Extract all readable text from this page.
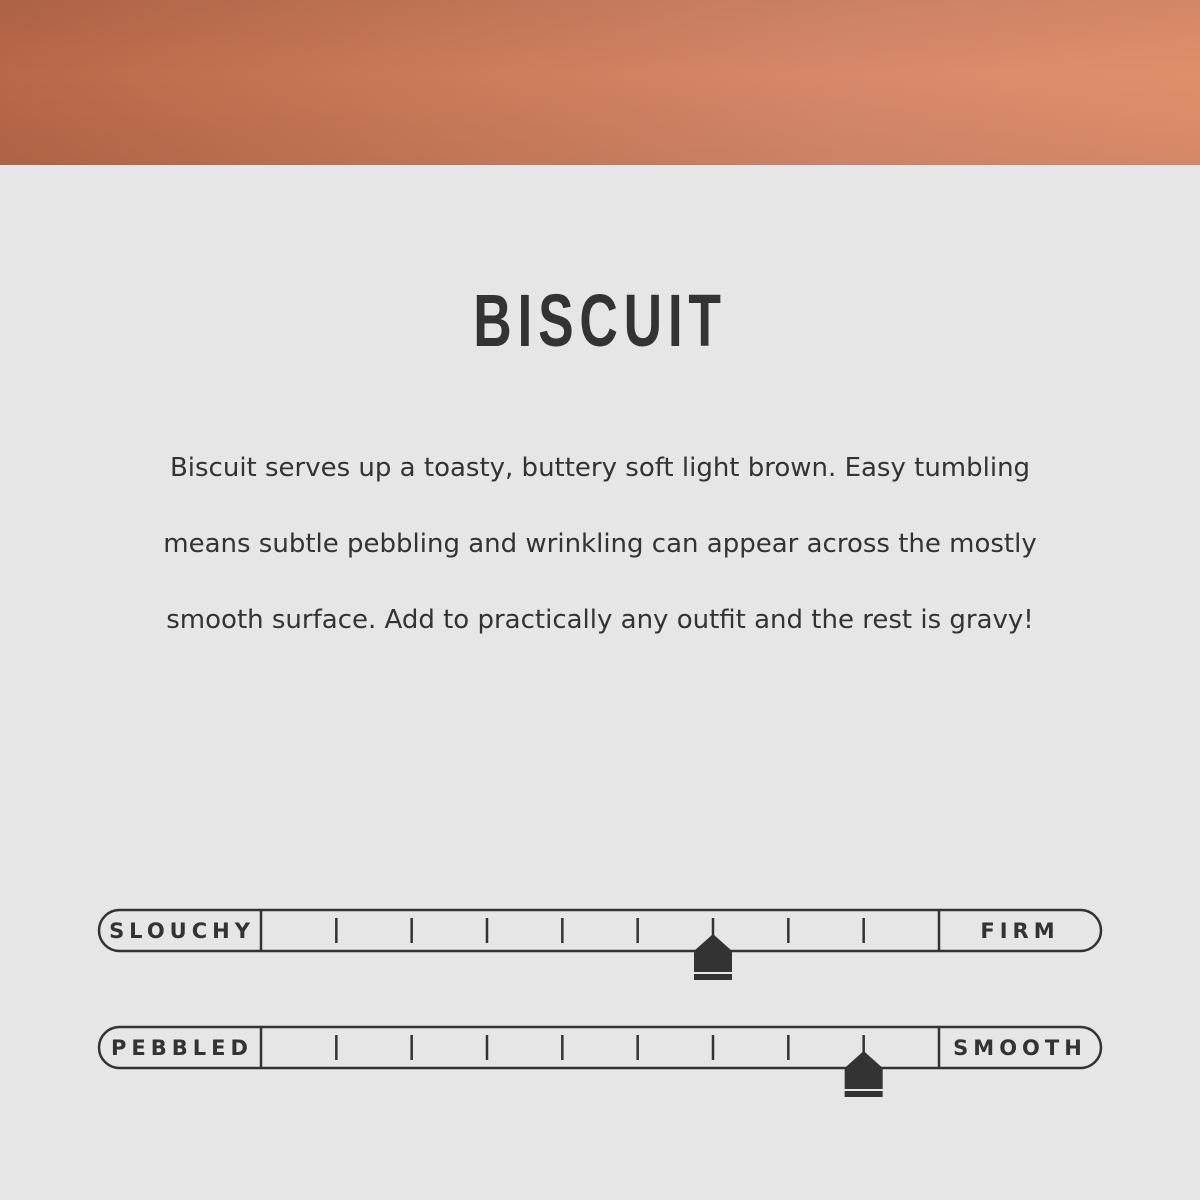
BISCUIT

Biscuit serves up a toasty, buttery soft light brown. Easy tumbling means subtle pebbling and wrinkling can appear across the mostly smooth surface. Add to practically any outfit and the rest is gravy!

SLOUCHY	FIRM
PEBBLED	SMOOTH
